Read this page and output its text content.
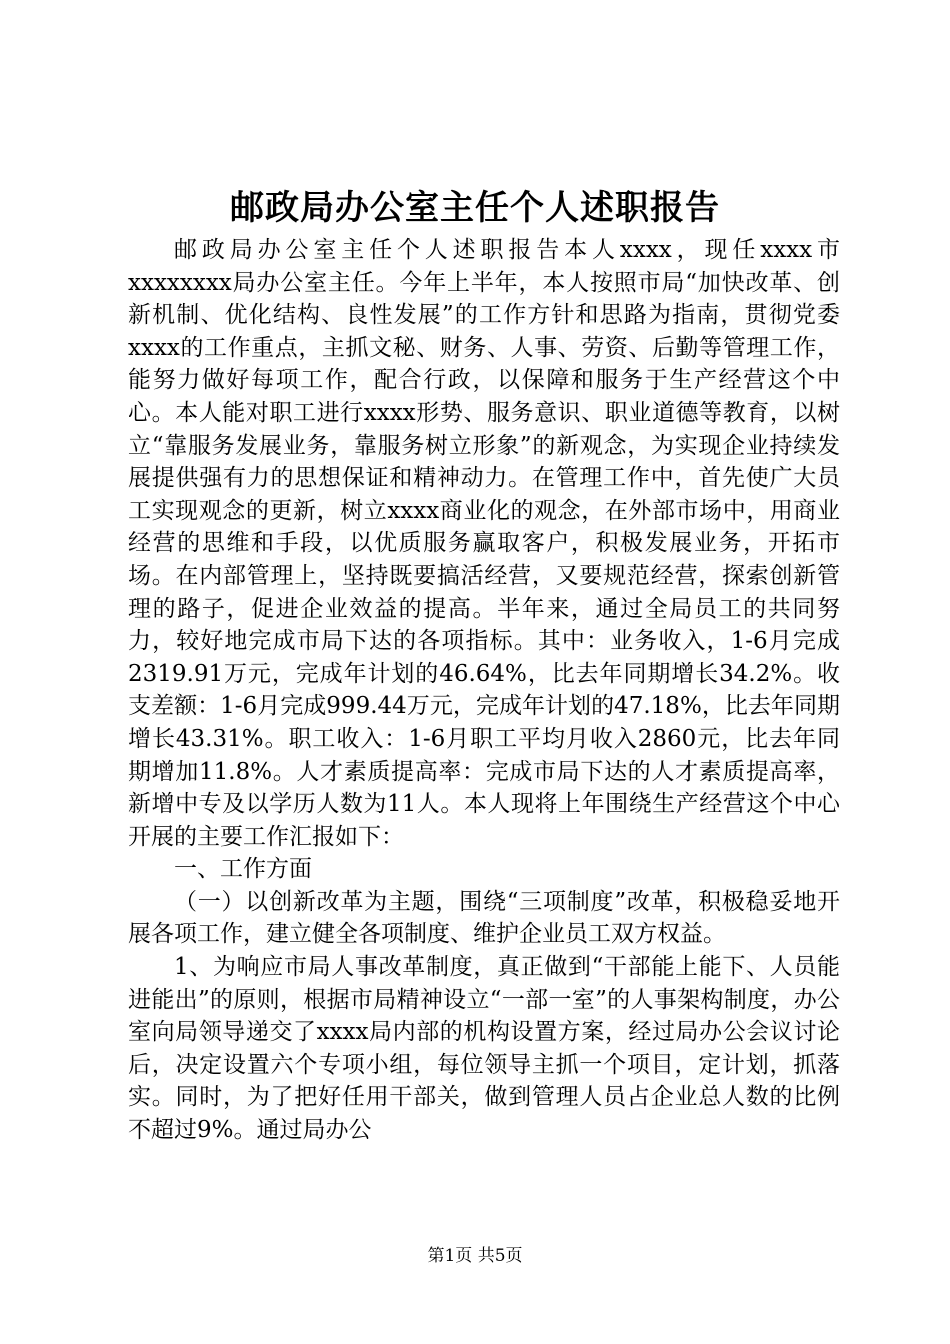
邮政局办公室主任个人述职报告

邮政局办公室主任个人述职报告本人xxxx，现任xxxx市xxxxxxxx局办公室主任。今年上半年，本人按照市局“加快改革、创新机制、优化结构、良性发展”的工作方针和思路为指南，贯彻党委xxxx的工作重点，主抓文秘、财务、人事、劳资、后勤等管理工作，能努力做好每项工作，配合行政，以保障和服务于生产经营这个中心。本人能对职工进行xxxx形势、服务意识、职业道德等教育，以树立“靠服务发展业务，靠服务树立形象”的新观念，为实现企业持续发展提供强有力的思想保证和精神动力。在管理工作中，首先使广大员工实现观念的更新，树立xxxx商业化的观念，在外部市场中，用商业经营的思维和手段，以优质服务赢取客户，积极发展业务，开拓市场。在内部管理上，坚持既要搞活经营，又要规范经营，探索创新管理的路子，促进企业效益的提高。半年来，通过全局员工的共同努力，较好地完成市局下达的各项指标。其中：业务收入，1-6月完成2319.91万元，完成年计划的46.64%，比去年同期增长34.2%。收支差额：1-6月完成999.44万元，完成年计划的47.18%，比去年同期增长43.31%。职工收入：1-6月职工平均月收入2860元，比去年同期增加11.8%。人才素质提高率：完成市局下达的人才素质提高率，新增中专及以学历人数为11人。本人现将上年围绕生产经营这个中心开展的主要工作汇报如下：

一、工作方面

（一）以创新改革为主题，围绕“三项制度”改革，积极稳妥地开展各项工作，建立健全各项制度、维护企业员工双方权益。

1、为响应市局人事改革制度，真正做到“干部能上能下、人员能进能出”的原则，根据市局精神设立“一部一室”的人事架构制度，办公室向局领导递交了xxxx局内部的机构设置方案，经过局办公会议讨论后，决定设置六个专项小组，每位领导主抓一个项目，定计划，抓落实。同时，为了把好任用干部关，做到管理人员占企业总人数的比例不超过9%。通过局办公

第1页 共5页
